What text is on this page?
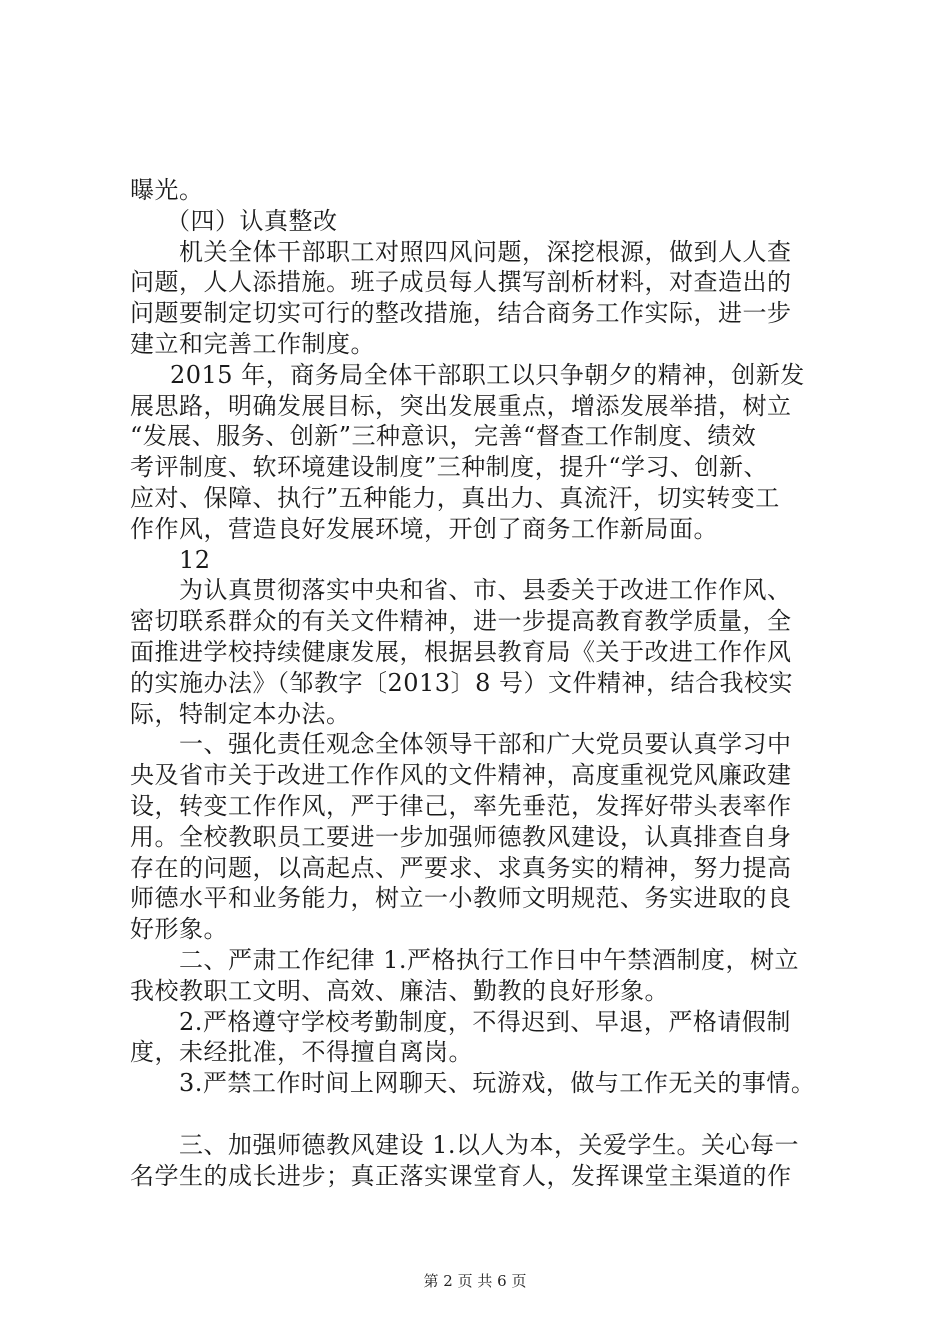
曝光。
（四）认真整改
机关全体干部职工对照四风问题，深挖根源，做到人人查
问题，人人添措施。班子成员每人撰写剖析材料，对查造出的
问题要制定切实可行的整改措施，结合商务工作实际，进一步
建立和完善工作制度。
2015 年，商务局全体干部职工以只争朝夕的精神，创新发
展思路，明确发展目标，突出发展重点，增添发展举措，树立
“发展、服务、创新”三种意识，完善“督查工作制度、绩效
考评制度、软环境建设制度”三种制度，提升“学习、创新、
应对、保障、执行”五种能力，真出力、真流汗，切实转变工
作作风，营造良好发展环境，开创了商务工作新局面。
12
为认真贯彻落实中央和省、市、县委关于改进工作作风、
密切联系群众的有关文件精神，进一步提高教育教学质量，全
面推进学校持续健康发展，根据县教育局《关于改进工作作风
的实施办法》（邹教字〔2013〕8 号）文件精神，结合我校实
际，特制定本办法。
一、强化责任观念全体领导干部和广大党员要认真学习中
央及省市关于改进工作作风的文件精神，高度重视党风廉政建
设，转变工作作风，严于律己，率先垂范，发挥好带头表率作
用。全校教职员工要进一步加强师德教风建设，认真排查自身
存在的问题，以高起点、严要求、求真务实的精神，努力提高
师德水平和业务能力，树立一小教师文明规范、务实进取的良
好形象。
二、严肃工作纪律 1.严格执行工作日中午禁酒制度，树立
我校教职工文明、高效、廉洁、勤教的良好形象。
2.严格遵守学校考勤制度，不得迟到、早退，严格请假制
度，未经批准，不得擅自离岗。
3.严禁工作时间上网聊天、玩游戏，做与工作无关的事情。
三、加强师德教风建设 1.以人为本，关爱学生。关心每一
名学生的成长进步；真正落实课堂育人，发挥课堂主渠道的作
第 2 页 共 6 页
